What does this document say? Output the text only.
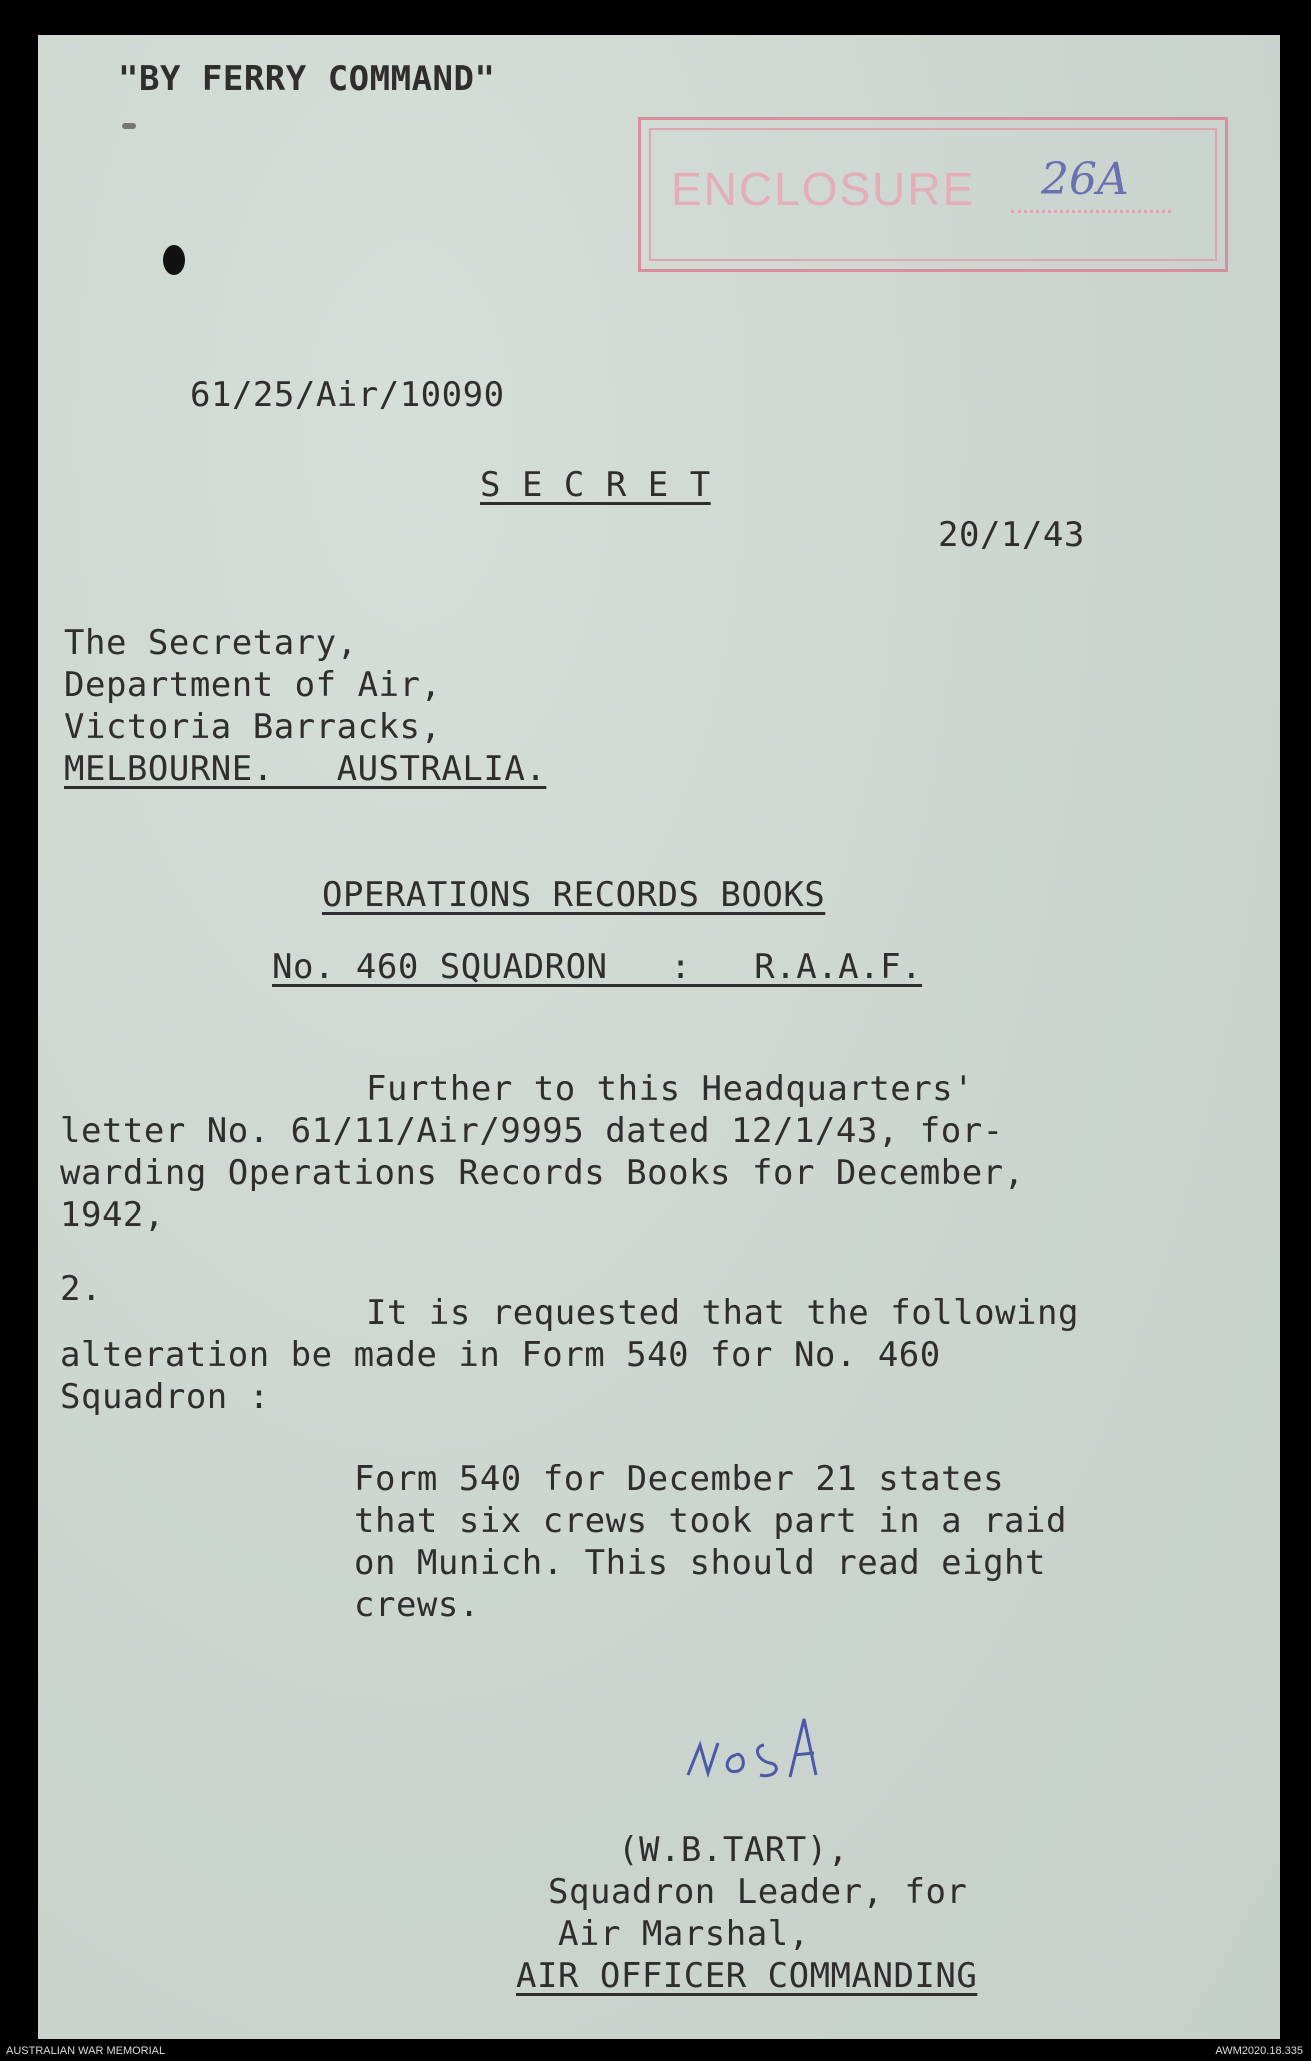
"BY FERRY COMMAND"
ENCLOSURE 26A
61/25/Air/10090
S E C R E T
20/1/43
The Secretary,
Department of Air,
Victoria Barracks,
MELBOURNE.   AUSTRALIA.
OPERATIONS RECORDS BOOKS
No. 460 SQUADRON   :   R.A.A.F.
Further to this Headquarters'
letter No. 61/11/Air/9995 dated 12/1/43, for-
warding Operations Records Books for December,
1942,
2.
It is requested that the following
alteration be made in Form 540 for No. 460
Squadron :
Form 540 for December 21 states
that six crews took part in a raid
on Munich. This should read eight
crews.
(W.B.TART),
Squadron Leader, for
Air Marshal,
AIR OFFICER COMMANDING
AUSTRALIAN WAR MEMORIAL	AWM2020.18.335
